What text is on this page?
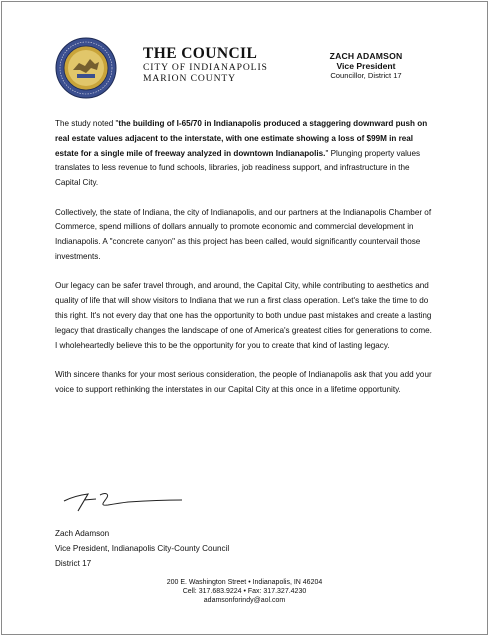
THE COUNCIL
CITY OF INDIANAPOLIS
MARION COUNTY
ZACH ADAMSON
Vice President
Councillor, District 17

The study noted "the building of I-65/70 in Indianapolis produced a staggering downward push on real estate values adjacent to the interstate, with one estimate showing a loss of $99M in real estate for a single mile of freeway analyzed in downtown Indianapolis." Plunging property values translates to less revenue to fund schools, libraries, job readiness support, and infrastructure in the Capital City.

Collectively, the state of Indiana, the city of Indianapolis, and our partners at the Indianapolis Chamber of Commerce, spend millions of dollars annually to promote economic and commercial development in Indianapolis. A "concrete canyon" as this project has been called, would significantly countervail those investments.

Our legacy can be safer travel through, and around, the Capital City, while contributing to aesthetics and quality of life that will show visitors to Indiana that we run a first class operation. Let's take the time to do this right. It's not every day that one has the opportunity to both undue past mistakes and create a lasting legacy that drastically changes the landscape of one of America's greatest cities for generations to come. I wholeheartedly believe this to be the opportunity for you to create that kind of lasting legacy.

With sincere thanks for your most serious consideration, the people of Indianapolis ask that you add your voice to support rethinking the interstates in our Capital City at this once in a lifetime opportunity.

Zach Adamson
Vice President, Indianapolis City-County Council
District 17
200 E. Washington Street • Indianapolis, IN 46204
Cell: 317.683.9224 • Fax: 317.327.4230
adamsonforindy@aol.com
